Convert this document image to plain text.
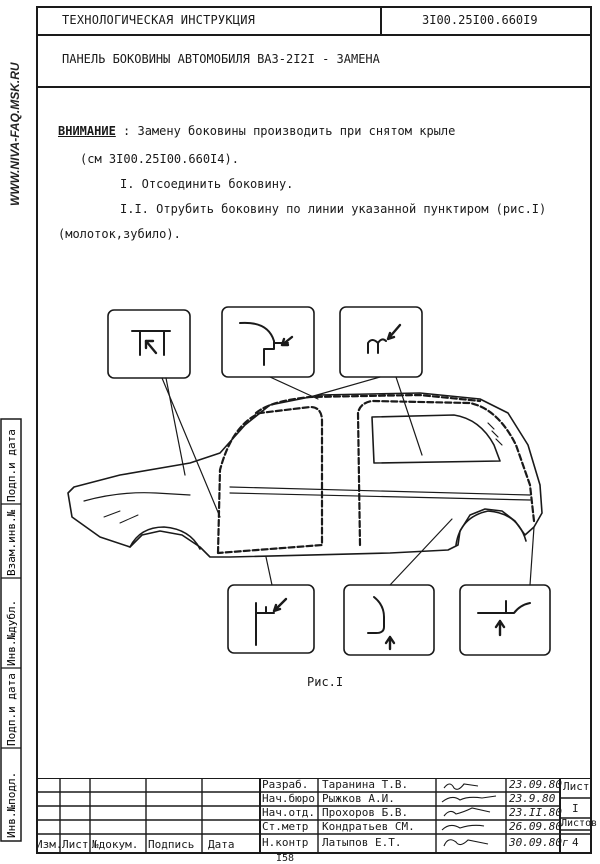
WWW.NIVA-FAQ.MSK.RU
Подп.и дата
Взам.инв.№
Инв.№дубл.
Подп.и дата
Инв.№подл.
ТЕХНОЛОГИЧЕСКАЯ ИНСТРУКЦИЯ	3I00.25I00.660I9
ПАНЕЛЬ БОКОВИНЫ АВТОМОБИЛЯ ВАЗ-2I2I - ЗАМЕНА
ВНИМАНИЕ : Замену боковины производить при снятом крыле
(см 3I00.25I00.660I4).
I. Отсоединить боковину.
I.I. Отрубить боковину по линии указанной пунктиром (рис.I)
(молоток,зубило).
Рис.I
Разраб.
Нач.бюро
Нач.отд.
Ст.метр
Н.контр
Таранина Т.В.
Рыжков А.И.
Прохоров Б.В.
Кондратьев СМ.
Латыпов Е.Т.
23.09.80
23.9.80
23.II.80
26.09.80
30.09.80г
Лист
I
Листов
4
Изм. Лист №докум. Подпись Дата
I58
